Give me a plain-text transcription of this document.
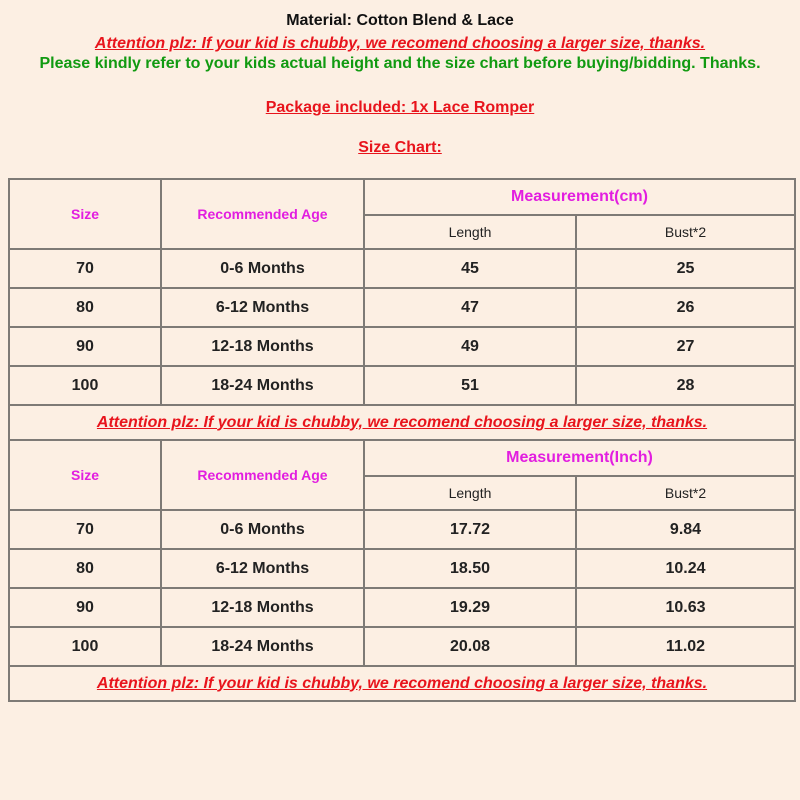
Material: Cotton Blend & Lace
Attention plz: If your kid is chubby, we recomend choosing a larger size, thanks.
Please kindly refer to your kids actual height and the size chart before buying/bidding. Thanks.
Package included: 1x Lace Romper
Size Chart:
Size	Recommended Age	Measurement(cm)	
		Length	Bust*2
70	0-6 Months	45	25
80	6-12 Months	47	26
90	12-18 Months	49	27
100	18-24 Months	51	28
Attention plz: If your kid is chubby, we recomend choosing a larger size, thanks.			
Size	Recommended Age	Measurement(Inch)	
		Length	Bust*2
70	0-6 Months	17.72	9.84
80	6-12 Months	18.50	10.24
90	12-18 Months	19.29	10.63
100	18-24 Months	20.08	11.02
Attention plz: If your kid is chubby, we recomend choosing a larger size, thanks.			
